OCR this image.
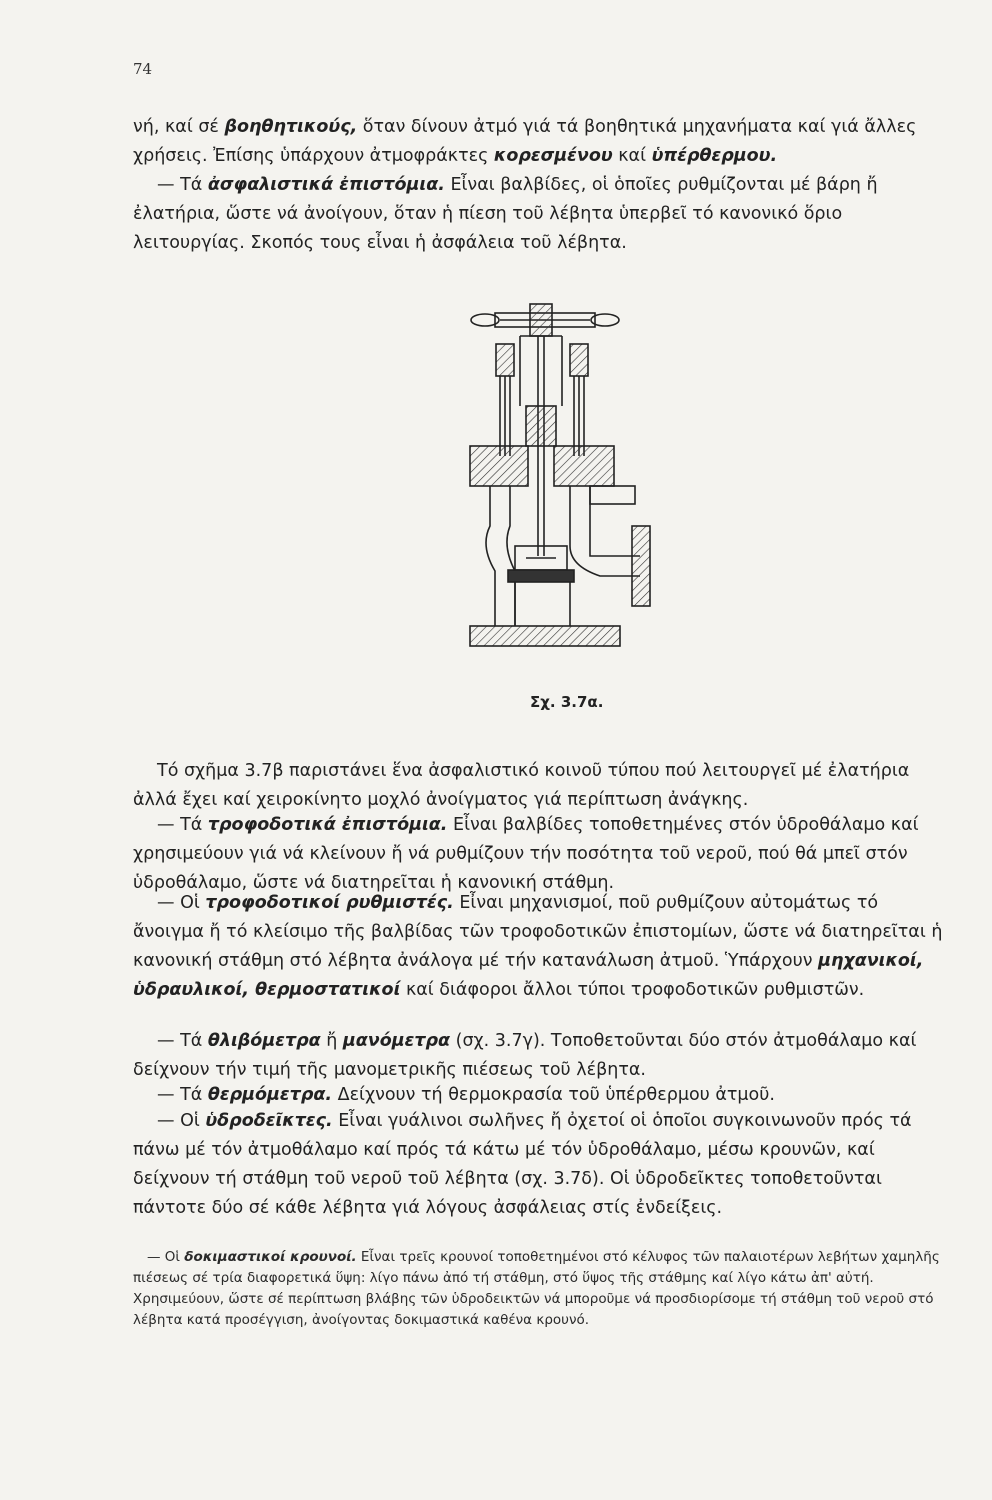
74

νή, καί σέ βοηθητικούς, ὅταν δίνουν ἀτμό γιά τά βοηθητικά μηχανήματα καί γιά ἄλλες χρήσεις. Ἐπίσης ὑπάρχουν ἀτμοφράκτες κορεσμένου καί ὑπέρθερμου.

— Τά ἀσφαλιστικά ἐπιστόμια. Εἶναι βαλβίδες, οἱ ὁποῖες ρυθμίζονται μέ βάρη ἤ ἐλατήρια, ὥστε νά ἀνοίγουν, ὅταν ἡ πίεση τοῦ λέβητα ὑπερβεῖ τό κανονικό ὅριο λειτουργίας. Σκοπός τους εἶναι ἡ ἀσφάλεια τοῦ λέβητα.

Σχ. 3.7α.

Τό σχῆμα 3.7β παριστάνει ἕνα ἀσφαλιστικό κοινοῦ τύπου πού λειτουργεῖ μέ ἐλατήρια ἀλλά ἔχει καί χειροκίνητο μοχλό ἀνοίγματος γιά περίπτωση ἀνάγκης.

— Τά τροφοδοτικά ἐπιστόμια. Εἶναι βαλβίδες τοποθετημένες στόν ὑδροθάλαμο καί χρησιμεύουν γιά νά κλείνουν ἤ νά ρυθμίζουν τήν ποσότητα τοῦ νεροῦ, πού θά μπεῖ στόν ὑδροθάλαμο, ὥστε νά διατηρεῖται ἡ κανονική στάθμη.

— Οἱ τροφοδοτικοί ρυθμιστές. Εἶναι μηχανισμοί, ποῦ ρυθμίζουν αὐτομάτως τό ἄνοιγμα ἤ τό κλείσιμο τῆς βαλβίδας τῶν τροφοδοτικῶν ἐπιστομίων, ὥστε νά διατηρεῖται ἡ κανονική στάθμη στό λέβητα ἀνάλογα μέ τήν κατανάλωση ἀτμοῦ. Ὑπάρχουν μηχανικοί, ὑδραυλικοί, θερμοστατικοί καί διάφοροι ἄλλοι τύποι τροφοδοτικῶν ρυθμιστῶν.

— Τά θλιβόμετρα ἤ μανόμετρα (σχ. 3.7γ). Τοποθετοῦνται δύο στόν ἀτμοθάλαμο καί δείχνουν τήν τιμή τῆς μανομετρικῆς πιέσεως τοῦ λέβητα.

— Τά θερμόμετρα. Δείχνουν τή θερμοκρασία τοῦ ὑπέρθερμου ἀτμοῦ.

— Οἱ ὑδροδεῖκτες. Εἶναι γυάλινοι σωλῆνες ἤ ὀχετοί οἱ ὁποῖοι συγκοινωνοῦν πρός τά πάνω μέ τόν ἀτμοθάλαμο καί πρός τά κάτω μέ τόν ὑδροθάλαμο, μέσω κρουνῶν, καί δείχνουν τή στάθμη τοῦ νεροῦ τοῦ λέβητα (σχ. 3.7δ). Οἱ ὑδροδεῖκτες τοποθετοῦνται πάντοτε δύο σέ κάθε λέβητα γιά λόγους ἀσφάλειας στίς ἐνδείξεις.

— Οἱ δοκιμαστικοί κρουνοί. Εἶναι τρεῖς κρουνοί τοποθετημένοι στό κέλυφος τῶν παλαιοτέρων λεβήτων χαμηλῆς πιέσεως σέ τρία διαφορετικά ὕψη: λίγο πάνω ἀπό τή στάθμη, στό ὕψος τῆς στάθμης καί λίγο κάτω ἀπ' αὐτή. Χρησιμεύουν, ὥστε σέ περίπτωση βλάβης τῶν ὑδροδεικτῶν νά μποροῦμε νά προσδιορίσομε τή στάθμη τοῦ νεροῦ στό λέβητα κατά προσέγγιση, ἀνοίγοντας δοκιμαστικά καθένα κρουνό.
